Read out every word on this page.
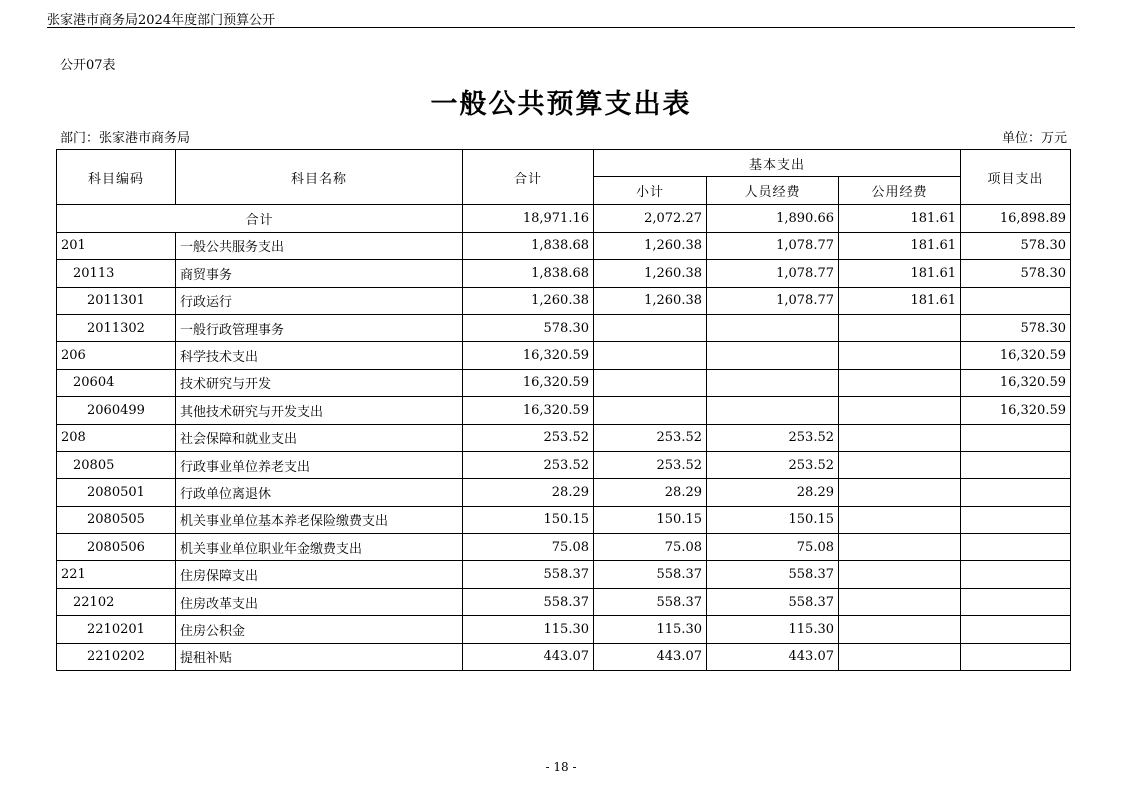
张家港市商务局2024年度部门预算公开
公开07表
一般公共预算支出表
部门：张家港市商务局	单位：万元
科目编码	科目名称	合计	基本支出			项目支出
			小计	人员经费	公用经费	
合计		18,971.16	2,072.27	1,890.66	181.61	16,898.89
201	一般公共服务支出	1,838.68	1,260.38	1,078.77	181.61	578.30
20113	商贸事务	1,838.68	1,260.38	1,078.77	181.61	578.30
2011301	行政运行	1,260.38	1,260.38	1,078.77	181.61	
2011302	一般行政管理事务	578.30				578.30
206	科学技术支出	16,320.59				16,320.59
20604	技术研究与开发	16,320.59				16,320.59
2060499	其他技术研究与开发支出	16,320.59				16,320.59
208	社会保障和就业支出	253.52	253.52	253.52		
20805	行政事业单位养老支出	253.52	253.52	253.52		
2080501	行政单位离退休	28.29	28.29	28.29		
2080505	机关事业单位基本养老保险缴费支出	150.15	150.15	150.15		
2080506	机关事业单位职业年金缴费支出	75.08	75.08	75.08		
221	住房保障支出	558.37	558.37	558.37		
22102	住房改革支出	558.37	558.37	558.37		
2210201	住房公积金	115.30	115.30	115.30		
2210202	提租补贴	443.07	443.07	443.07		
- 18 -
